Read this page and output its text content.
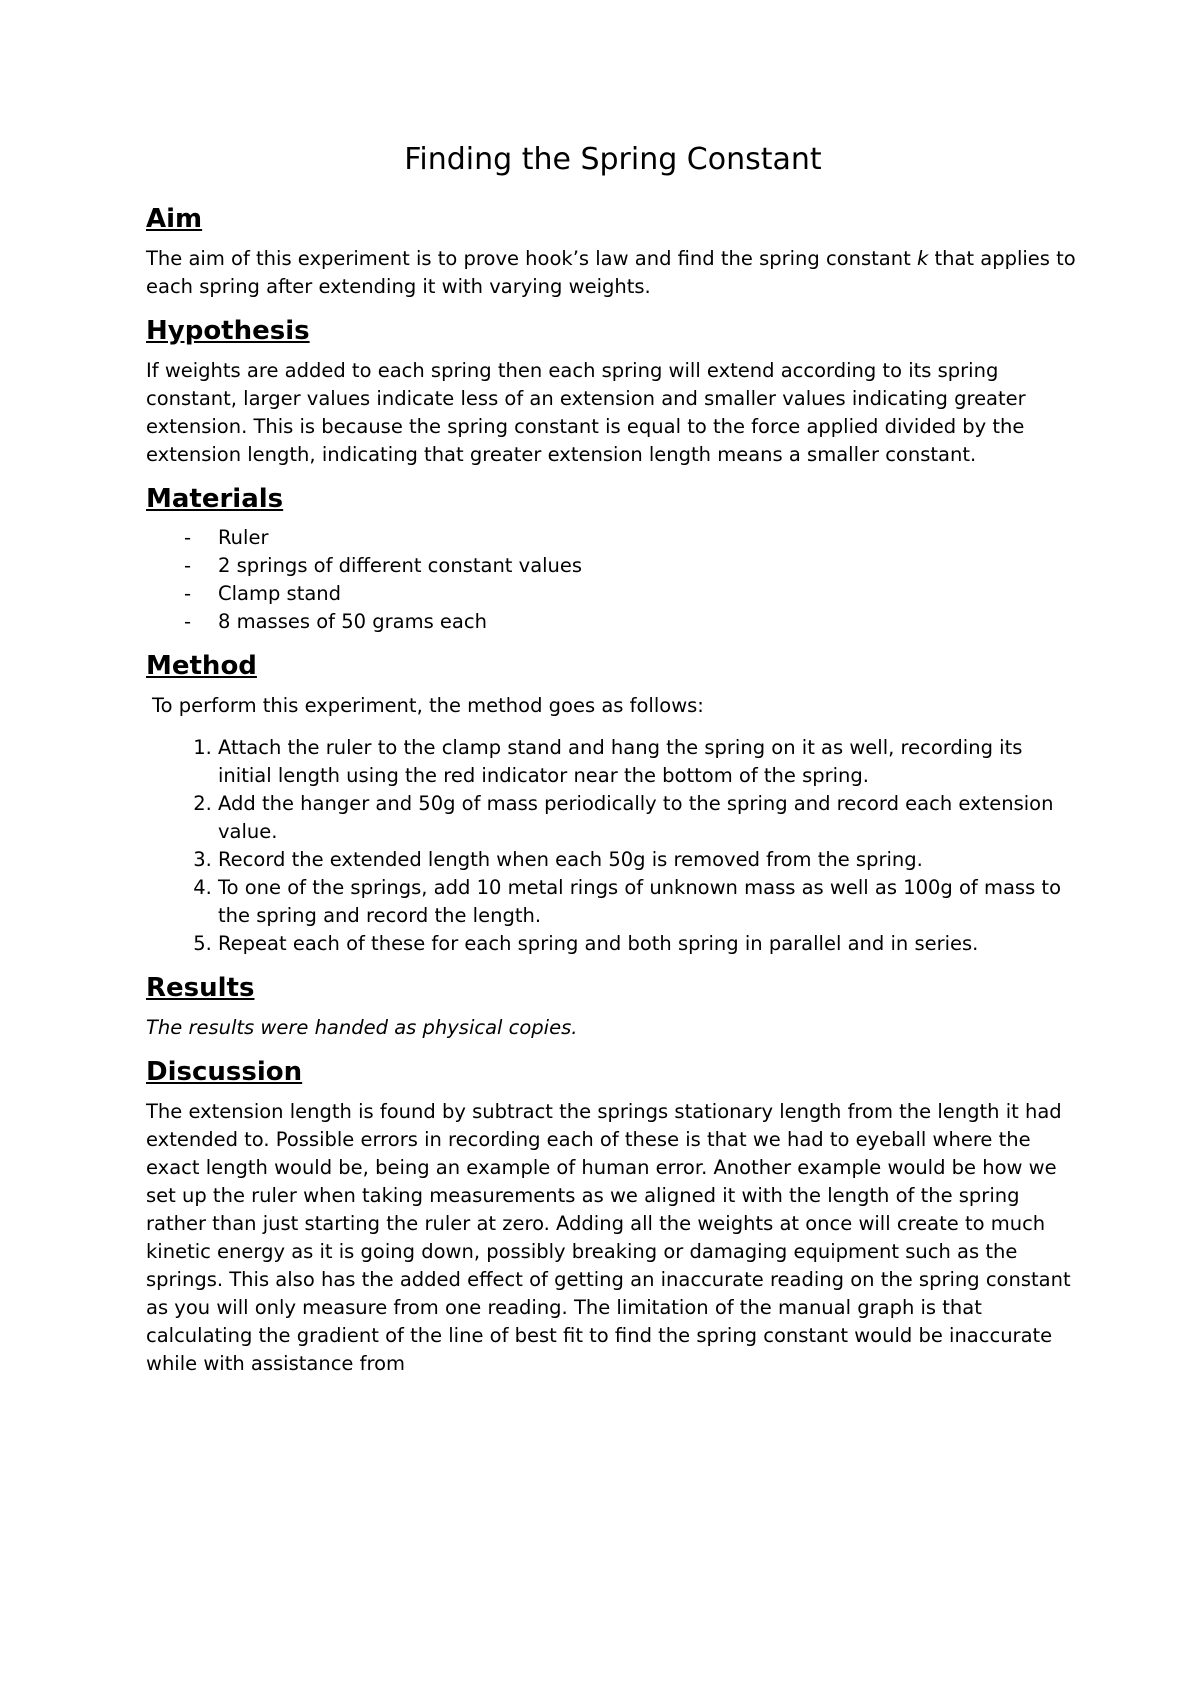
Finding the Spring Constant
Aim

The aim of this experiment is to prove hook’s law and find the spring constant k that applies to each spring after extending it with varying weights.

Hypothesis

If weights are added to each spring then each spring will extend according to its spring constant, larger values indicate less of an extension and smaller values indicating greater extension. This is because the spring constant is equal to the force applied divided by the extension length, indicating that greater extension length means a smaller constant.

Materials
- Ruler
- 2 springs of different constant values
- Clamp stand
- 8 masses of 50 grams each
Method

To perform this experiment, the method goes as follows:

1. Attach the ruler to the clamp stand and hang the spring on it as well, recording its initial length using the red indicator near the bottom of the spring.
2. Add the hanger and 50g of mass periodically to the spring and record each extension value.
3. Record the extended length when each 50g is removed from the spring.
4. To one of the springs, add 10 metal rings of unknown mass as well as 100g of mass to the spring and record the length.
5. Repeat each of these for each spring and both spring in parallel and in series.
Results

The results were handed as physical copies.

Discussion

The extension length is found by subtract the springs stationary length from the length it had extended to. Possible errors in recording each of these is that we had to eyeball where the exact length would be, being an example of human error. Another example would be how we set up the ruler when taking measurements as we aligned it with the length of the spring rather than just starting the ruler at zero. Adding all the weights at once will create to much kinetic energy as it is going down, possibly breaking or damaging equipment such as the springs. This also has the added effect of getting an inaccurate reading on the spring constant as you will only measure from one reading. The limitation of the manual graph is that calculating the gradient of the line of best fit to find the spring constant would be inaccurate while with assistance from
